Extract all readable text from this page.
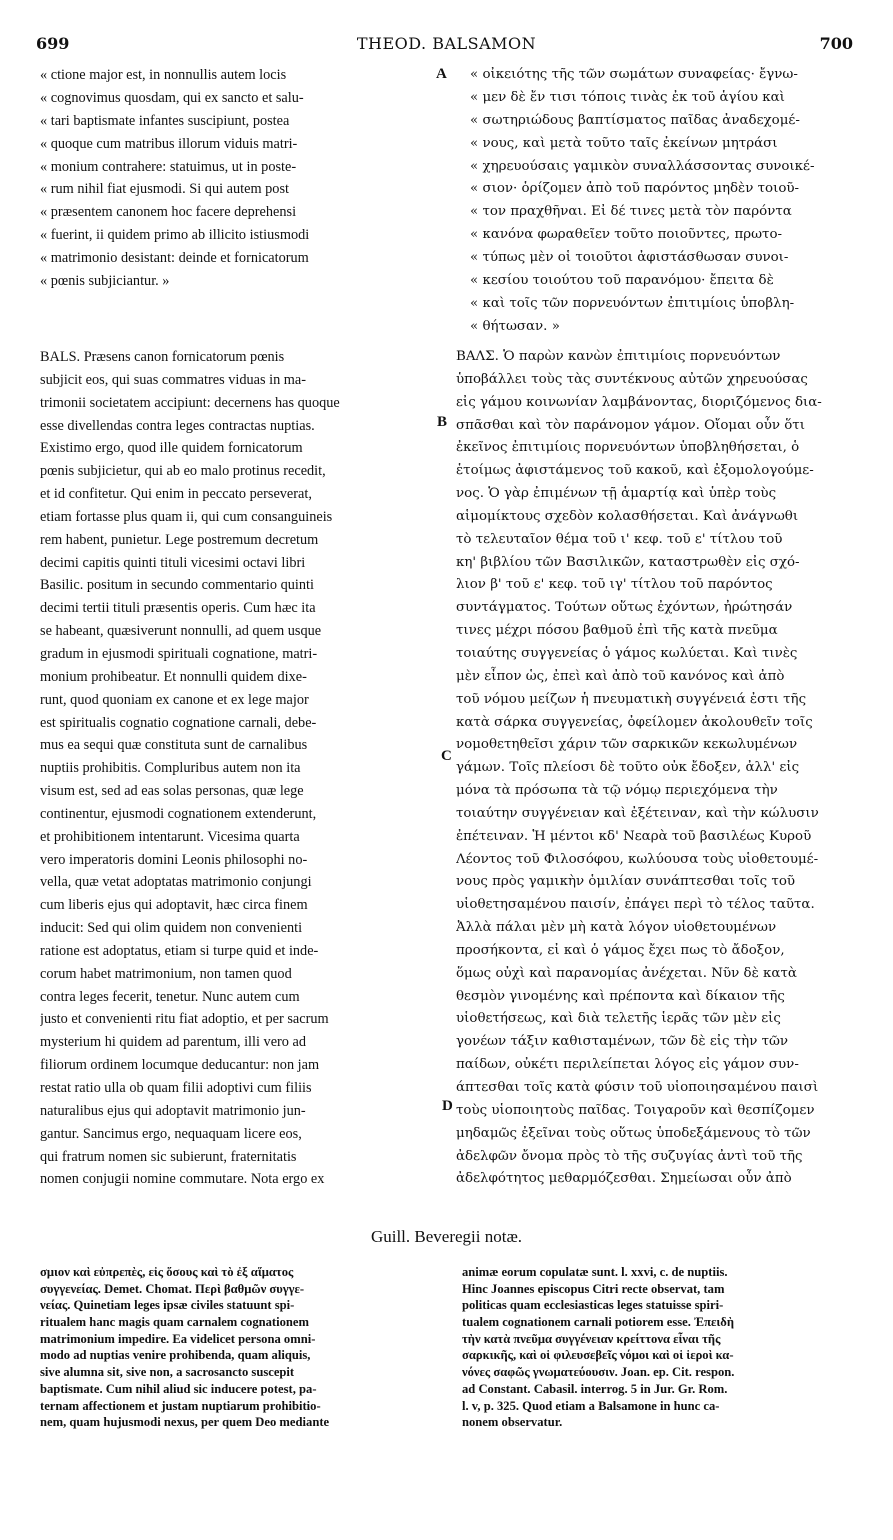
699	THEOD. BALSAMON	700
« ctione major est, in nonnullis autem locis
« cognovimus quosdam, qui ex sancto et salu-
« tari baptismate infantes suscipiunt, postea
« quoque cum matribus illorum viduis matri-
« monium contrahere: statuimus, ut in poste-
« rum nihil fiat ejusmodi. Si qui autem post
« præsentem canonem hoc facere deprehensi
« fuerint, ii quidem primo ab illicito istiusmodi
« matrimonio desistant: deinde et fornicatorum
« pœnis subjiciantur. »
« οἰκειότης τῆς τῶν σωμάτων συναφείας· ἔγνω-
« μεν δὲ ἔν τισι τόποις τινὰς ἐκ τοῦ ἁγίου καὶ
« σωτηριώδους βαπτίσματος παῖδας ἀναδεχομέ-
« νους, καὶ μετὰ τοῦτο ταῖς ἐκείνων μητράσι
« χηρευούσαις γαμικὸν συναλλάσσοντας συνοικέ-
« σιον· ὁρίζομεν ἀπὸ τοῦ παρόντος μηδὲν τοιοῦ-
« τον πραχθῆναι. Εἰ δέ τινες μετὰ τὸν παρόντα
« κανόνα φωραθεῖεν τοῦτο ποιοῦντες, πρωτο-
« τύπως μὲν οἱ τοιοῦτοι ἀφιστάσθωσαν συνοι-
« κεσίου τοιούτου τοῦ παρανόμου· ἔπειτα δὲ
« καὶ τοῖς τῶν πορνευόντων ἐπιτιμίοις ὑποβλη-
« θήτωσαν. »
A
B
C
D
BALS. Præsens canon fornicatorum pœnis
subjicit eos, qui suas commatres viduas in ma-
trimonii societatem accipiunt: decernens has quoque
esse divellendas contra leges contractas nuptias.
Existimo ergo, quod ille quidem fornicatorum
pœnis subjicietur, qui ab eo malo protinus recedit,
et id confitetur. Qui enim in peccato perseverat,
etiam fortasse plus quam ii, qui cum consanguineis
rem habent, punietur. Lege postremum decretum
decimi capitis quinti tituli vicesimi octavi libri
Basilic. positum in secundo commentario quinti
decimi tertii tituli præsentis operis. Cum hæc ita
se habeant, quæsiverunt nonnulli, ad quem usque
gradum in ejusmodi spirituali cognatione, matri-
monium prohibeatur. Et nonnulli quidem dixe-
runt, quod quoniam ex canone et ex lege major
est spiritualis cognatio cognatione carnali, debe-
mus ea sequi quæ constituta sunt de carnalibus
nuptiis prohibitis. Compluribus autem non ita
visum est, sed ad eas solas personas, quæ lege
continentur, ejusmodi cognationem extenderunt,
et prohibitionem intentarunt. Vicesima quarta
vero imperatoris domini Leonis philosophi no-
vella, quæ vetat adoptatas matrimonio conjungi
cum liberis ejus qui adoptavit, hæc circa finem
inducit: Sed qui olim quidem non convenienti
ratione est adoptatus, etiam si turpe quid et inde-
corum habet matrimonium, non tamen quod
contra leges fecerit, tenetur. Nunc autem cum
justo et convenienti ritu fiat adoptio, et per sacrum
mysterium hi quidem ad parentum, illi vero ad
filiorum ordinem locumque deducantur: non jam
restat ratio ulla ob quam filii adoptivi cum filiis
naturalibus ejus qui adoptavit matrimonio jun-
gantur. Sancimus ergo, nequaquam licere eos,
qui fratrum nomen sic subierunt, fraternitatis
nomen conjugii nomine commutare. Nota ergo ex
ΒΑΛΣ. Ὁ παρὼν κανὼν ἐπιτιμίοις πορνευόντων
ὑποβάλλει τοὺς τὰς συντέκνους αὐτῶν χηρευούσας
εἰς γάμου κοινωνίαν λαμβάνοντας, διοριζόμενος δια-
σπᾶσθαι καὶ τὸν παράνομον γάμον. Οἴομαι οὖν ὅτι
ἐκεῖνος ἐπιτιμίοις πορνευόντων ὑποβληθήσεται, ὁ
ἑτοίμως ἀφιστάμενος τοῦ κακοῦ, καὶ ἐξομολογούμε-
νος. Ὁ γὰρ ἐπιμένων τῇ ἁμαρτίᾳ καὶ ὑπὲρ τοὺς
αἱμομίκτους σχεδὸν κολασθήσεται. Καὶ ἀνάγνωθι
τὸ τελευταῖον θέμα τοῦ ι' κεφ. τοῦ ε' τίτλου τοῦ
κη' βιβλίου τῶν Βασιλικῶν, καταστρωθὲν εἰς σχό-
λιον β' τοῦ ε' κεφ. τοῦ ιγ' τίτλου τοῦ παρόντος
συντάγματος. Τούτων οὕτως ἐχόντων, ἠρώτησάν
τινες μέχρι πόσου βαθμοῦ ἐπὶ τῆς κατὰ πνεῦμα
τοιαύτης συγγενείας ὁ γάμος κωλύεται. Καὶ τινὲς
μὲν εἶπον ὡς, ἐπεὶ καὶ ἀπὸ τοῦ κανόνος καὶ ἀπὸ
τοῦ νόμου μείζων ἡ πνευματικὴ συγγένειά ἐστι τῆς
κατὰ σάρκα συγγενείας, ὀφείλομεν ἀκολουθεῖν τοῖς
νομοθετηθεῖσι χάριν τῶν σαρκικῶν κεκωλυμένων
γάμων. Τοῖς πλείοσι δὲ τοῦτο οὐκ ἔδοξεν, ἀλλ' εἰς
μόνα τὰ πρόσωπα τὰ τῷ νόμῳ περιεχόμενα τὴν
τοιαύτην συγγένειαν καὶ ἐξέτειναν, καὶ τὴν κώλυσιν
ἐπέτειναν. Ἡ μέντοι κδ' Νεαρὰ τοῦ βασιλέως Κυροῦ
Λέοντος τοῦ Φιλοσόφου, κωλύουσα τοὺς υἱοθετουμέ-
νους πρὸς γαμικὴν ὁμιλίαν συνάπτεσθαι τοῖς τοῦ
υἱοθετησαμένου παισίν, ἐπάγει περὶ τὸ τέλος ταῦτα.
Ἀλλὰ πάλαι μὲν μὴ κατὰ λόγον υἱοθετουμένων
προσήκοντα, εἰ καὶ ὁ γάμος ἔχει πως τὸ ἄδοξον,
ὅμως οὐχὶ καὶ παρανομίας ἀνέχεται. Νῦν δὲ κατὰ
θεσμὸν γινομένης καὶ πρέποντα καὶ δίκαιον τῆς
υἱοθετήσεως, καὶ διὰ τελετῆς ἱερᾶς τῶν μὲν εἰς
γονέων τάξιν καθισταμένων, τῶν δὲ εἰς τὴν τῶν
παίδων, οὐκέτι περιλείπεται λόγος εἰς γάμον συν-
άπτεσθαι τοῖς κατὰ φύσιν τοῦ υἱοποιησαμένου παισὶ
τοὺς υἱοποιητοὺς παῖδας. Τοιγαροῦν καὶ θεσπίζομεν
μηδαμῶς ἐξεῖναι τοὺς οὕτως ὑποδεξάμενους τὸ τῶν
ἀδελφῶν ὄνομα πρὸς τὸ τῆς συζυγίας ἀντὶ τοῦ τῆς
ἀδελφότητος μεθαρμόζεσθαι. Σημείωσαι οὖν ἀπὸ
Guill. Beveregii notæ.
σμιον καὶ εὐπρεπὲς, εἰς ὅσους καὶ τὸ ἐξ αἵματος
συγγενείας. Demet. Chomat. Περὶ βαθμῶν συγγε-
νείας. Quinetiam leges ipsæ civiles statuunt spi-
ritualem hanc magis quam carnalem cognationem
matrimonium impedire. Ea videlicet persona omni-
modo ad nuptias venire prohibenda, quam aliquis,
sive alumna sit, sive non, a sacrosancto suscepit
baptismate. Cum nihil aliud sic inducere potest, pa-
ternam affectionem et justam nuptiarum prohibitio-
nem, quam hujusmodi nexus, per quem Deo mediante
animæ eorum copulatæ sunt. l. xxvi, c. de nuptiis.
Hinc Joannes episcopus Citri recte observat, tam
politicas quam ecclesiasticas leges statuisse spiri-
tualem cognationem carnali potiorem esse. Ἐπειδὴ
τὴν κατὰ πνεῦμα συγγένειαν κρείττονα εἶναι τῆς
σαρκικῆς, καὶ οἱ φιλευσεβεῖς νόμοι καὶ οἱ ἱεροὶ κα-
νόνες σαφῶς γνωματεύουσιν. Joan. ep. Cit. respon.
ad Constant. Cabasil. interrog. 5 in Jur. Gr. Rom.
l. v, p. 325. Quod etiam a Balsamone in hunc ca-
nonem observatur.
